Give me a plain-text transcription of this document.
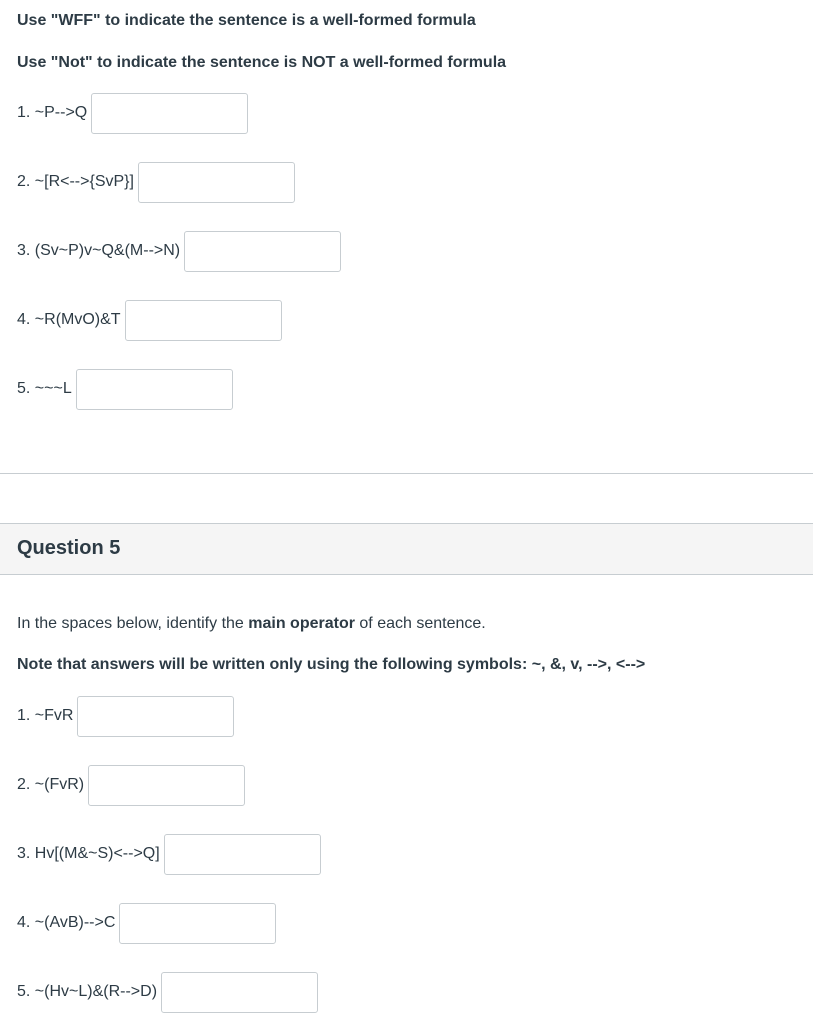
Use "WFF" to indicate the sentence is a well-formed formula
Use "Not" to indicate the sentence is NOT a well-formed formula
1. ~P-->Q
2. ~[R<-->{SvP}]
3. (Sv~P)v~Q&(M-->N)
4. ~R(MvO)&T
5. ~~~L
Question 5
In the spaces below, identify the main operator of each sentence.
Note that answers will be written only using the following symbols: ~, &, v, -->, <-->
1. ~FvR
2. ~(FvR)
3. Hv[(M&~S)<-->Q]
4. ~(AvB)-->C
5. ~(Hv~L)&(R-->D)
